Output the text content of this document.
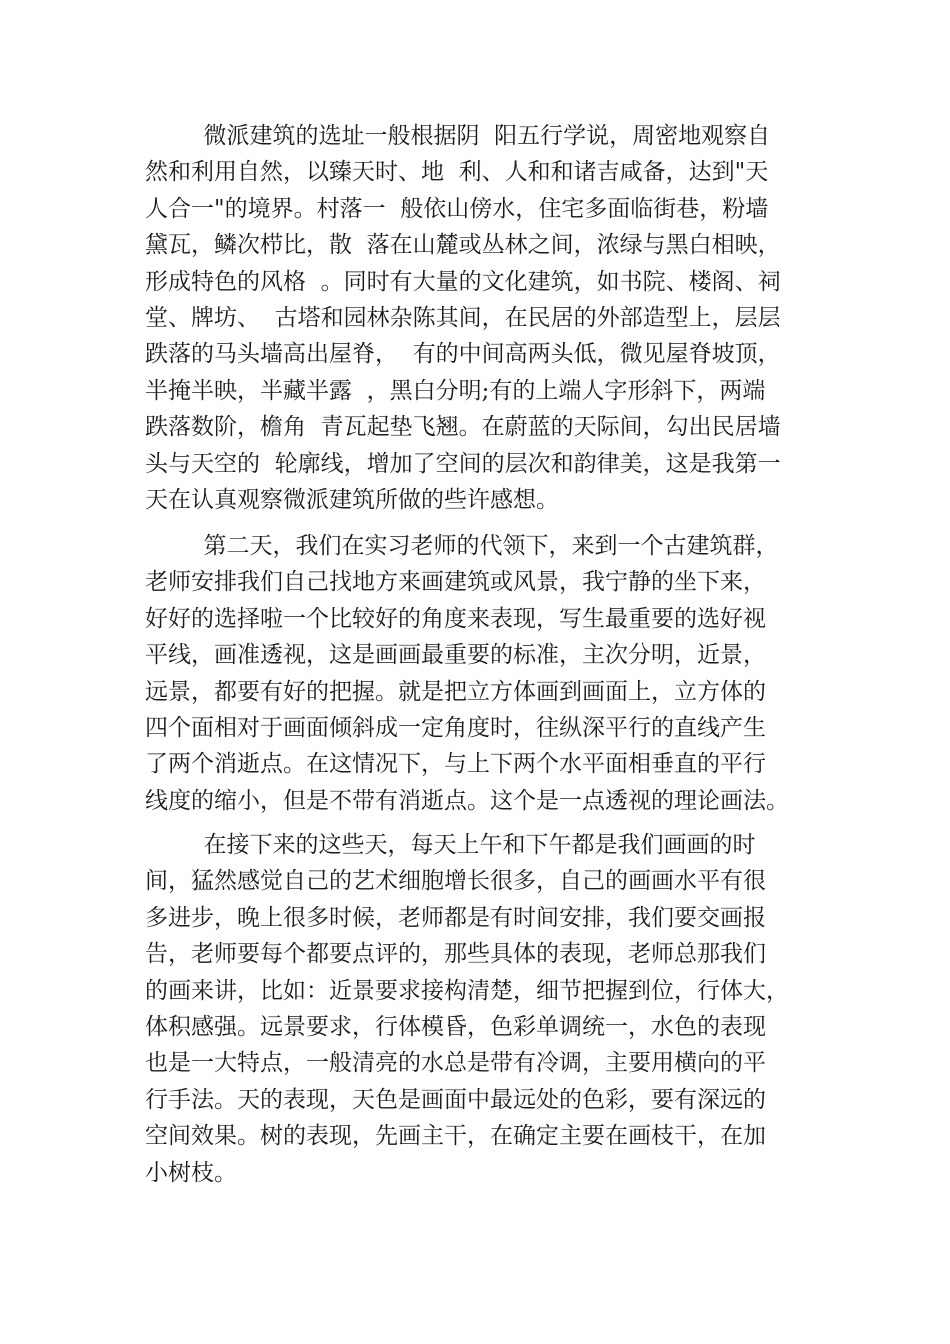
微派建筑的选址一般根据阴  阳五行学说，周密地观察自
然和利用自然，以臻天时、地  利、人和和诸吉咸备，达到"天
人合一"的境界。村落一  般依山傍水，住宅多面临街巷，粉墙
黛瓦，鳞次栉比，散  落在山麓或丛林之间，浓绿与黑白相映，
形成特色的风格  。同时有大量的文化建筑，如书院、楼阁、祠
堂、牌坊、  古塔和园林杂陈其间，在民居的外部造型上，层层
跌落的马头墙高出屋脊，  有的中间高两头低，微见屋脊坡顶，
半掩半映，半藏半露  ，黑白分明;有的上端人字形斜下，两端
跌落数阶，檐角  青瓦起垫飞翘。在蔚蓝的天际间，勾出民居墙
头与天空的  轮廓线，增加了空间的层次和韵律美，这是我第一
天在认真观察微派建筑所做的些许感想。
第二天，我们在实习老师的代领下，来到一个古建筑群，
老师安排我们自己找地方来画建筑或风景，我宁静的坐下来，
好好的选择啦一个比较好的角度来表现，写生最重要的选好视
平线，画准透视，这是画画最重要的标准，主次分明，近景，
远景，都要有好的把握。就是把立方体画到画面上，立方体的
四个面相对于画面倾斜成一定角度时，往纵深平行的直线产生
了两个消逝点。在这情况下，与上下两个水平面相垂直的平行
线度的缩小，但是不带有消逝点。这个是一点透视的理论画法。
在接下来的这些天，每天上午和下午都是我们画画的时
间，猛然感觉自己的艺术细胞增长很多，自己的画画水平有很
多进步，晚上很多时候，老师都是有时间安排，我们要交画报
告，老师要每个都要点评的，那些具体的表现，老师总那我们
的画来讲，比如：近景要求接构清楚，细节把握到位，行体大，
体积感强。远景要求，行体模昏，色彩单调统一，水色的表现
也是一大特点，一般清亮的水总是带有冷调，主要用横向的平
行手法。天的表现，天色是画面中最远处的色彩，要有深远的
空间效果。树的表现，先画主干，在确定主要在画枝干，在加
小树枝。
